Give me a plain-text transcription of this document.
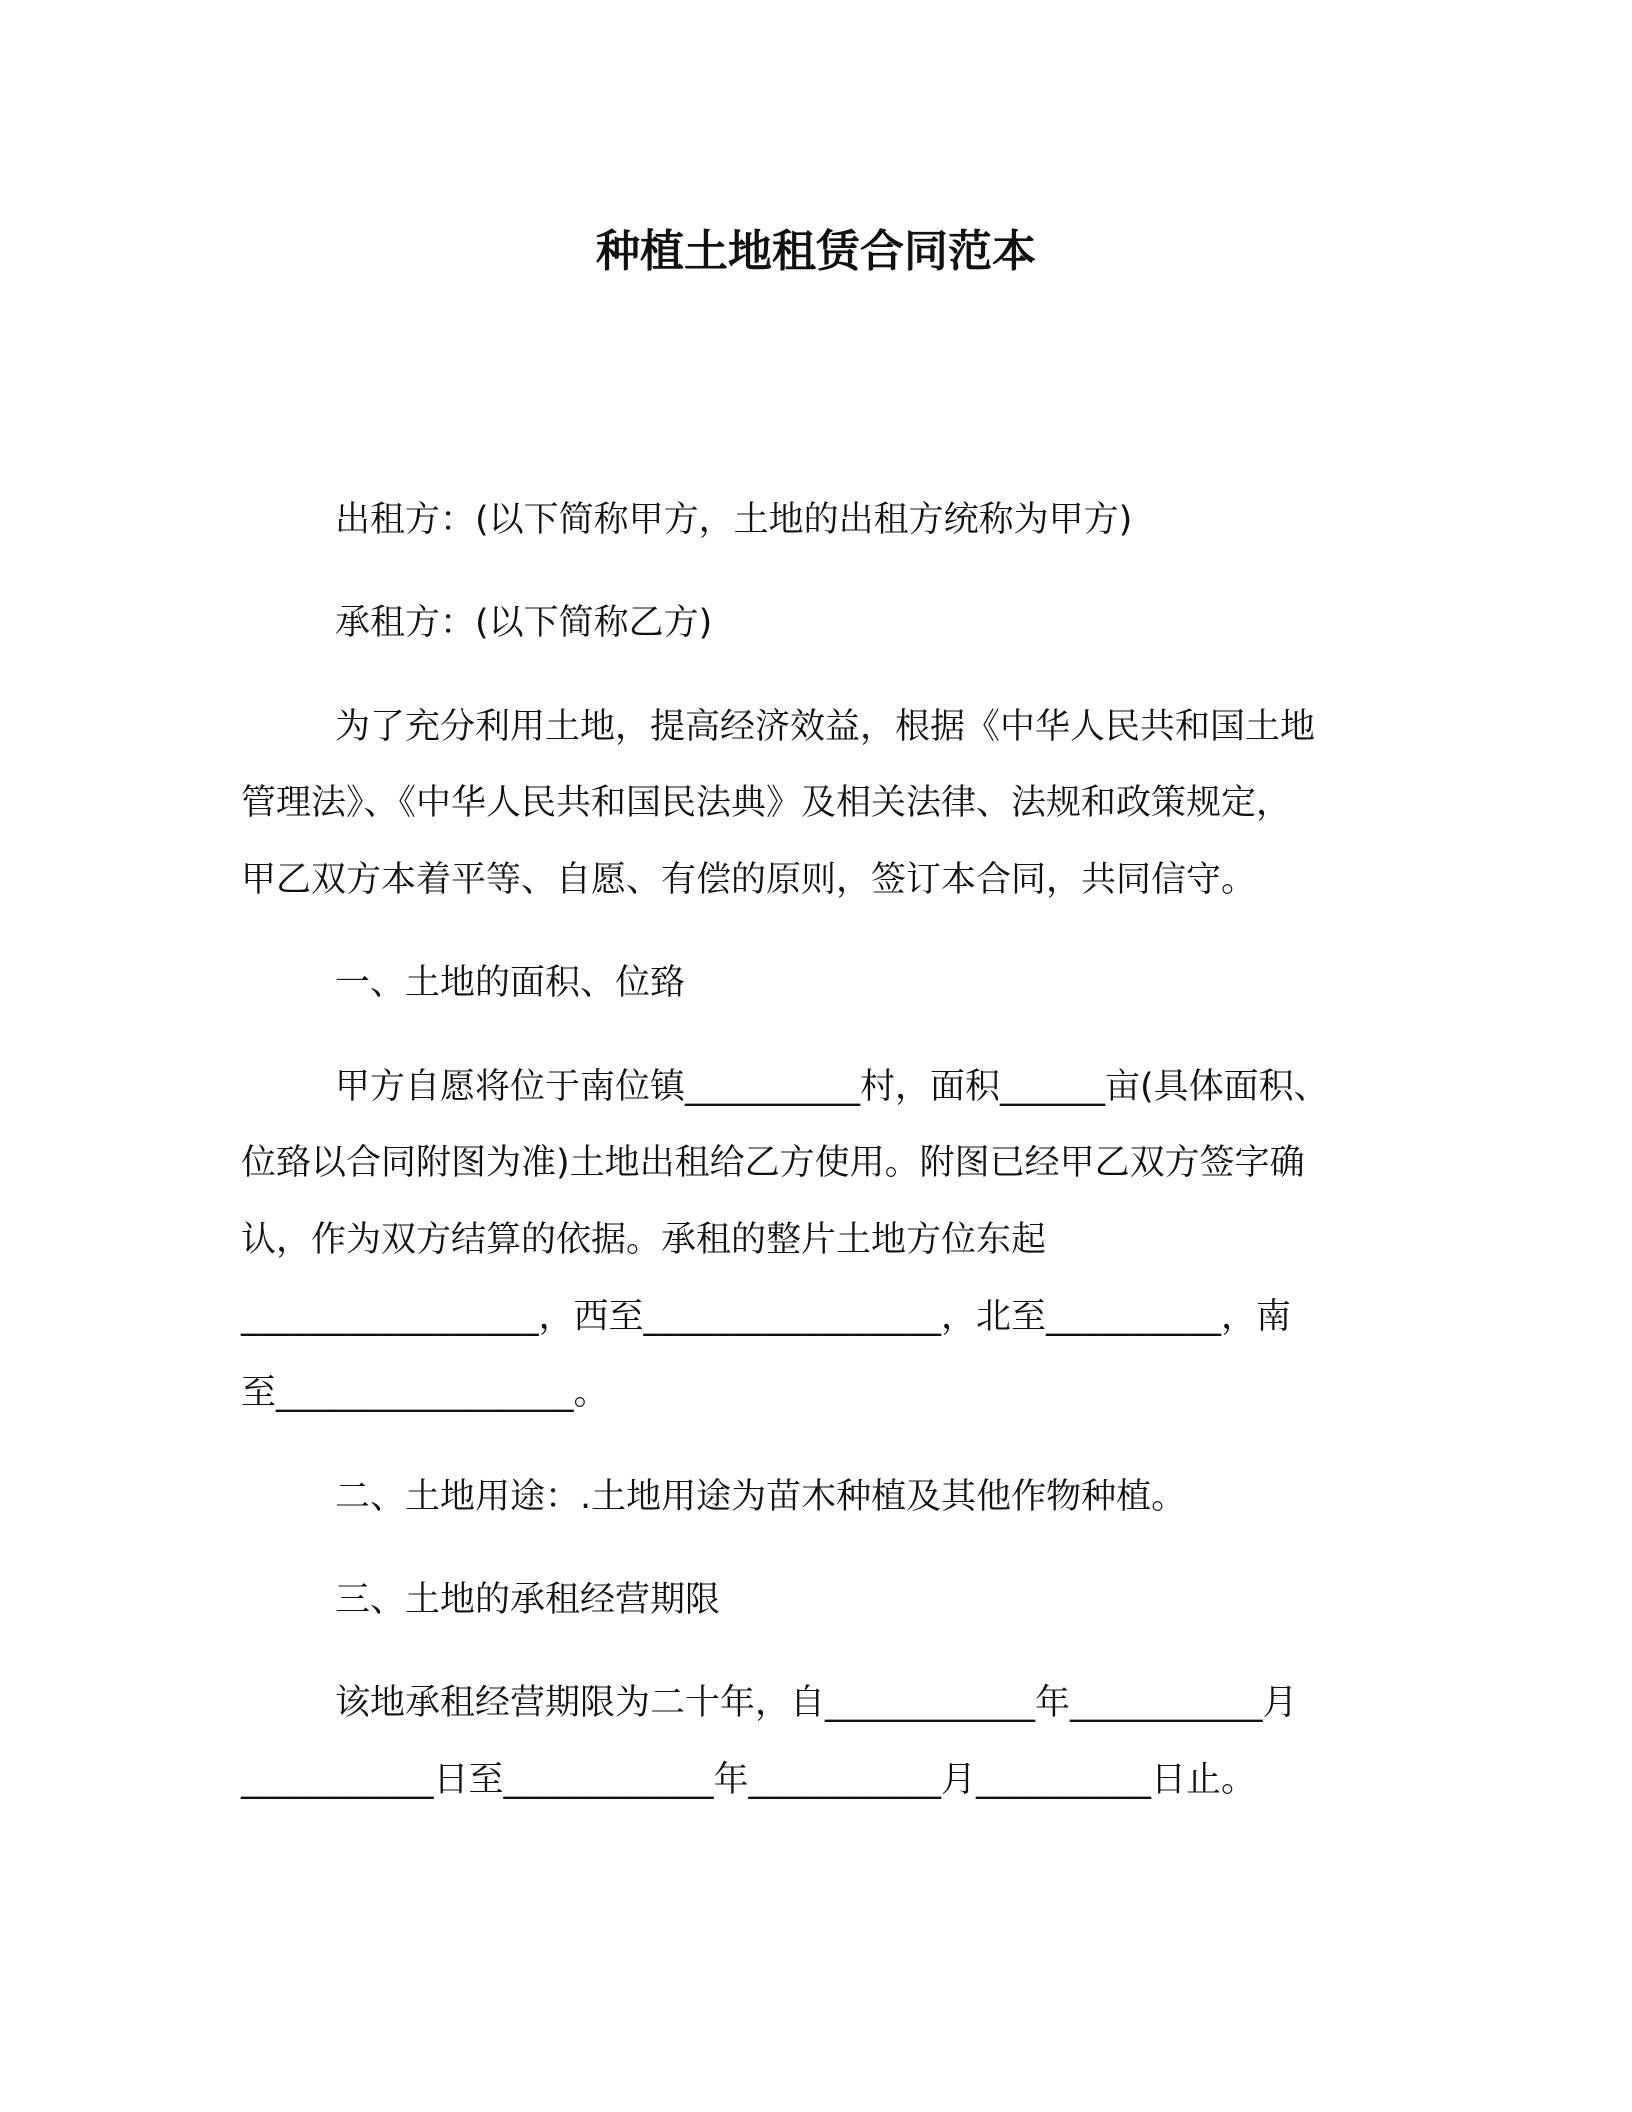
种植土地租赁合同范本

出租方：(以下简称甲方，土地的出租方统称为甲方)

承租方：(以下简称乙方)

为了充分利用土地，提高经济效益，根据《中华人民共和国土地

管理法》、《中华人民共和国民法典》及相关法律、法规和政策规定，

甲乙双方本着平等、自愿、有偿的原则，签订本合同，共同信守。

一、土地的面积、位臵

甲方自愿将位于南位镇__________村，面积______亩(具体面积、

位臵以合同附图为准)土地出租给乙方使用。附图已经甲乙双方签字确

认，作为双方结算的依据。承租的整片土地方位东起

_________________，西至_________________，北至__________，南

至_________________。

二、土地用途：.土地用途为苗木种植及其他作物种植。

三、土地的承租经营期限

该地承租经营期限为二十年，自____________年___________月

___________日至____________年___________月__________日止。
